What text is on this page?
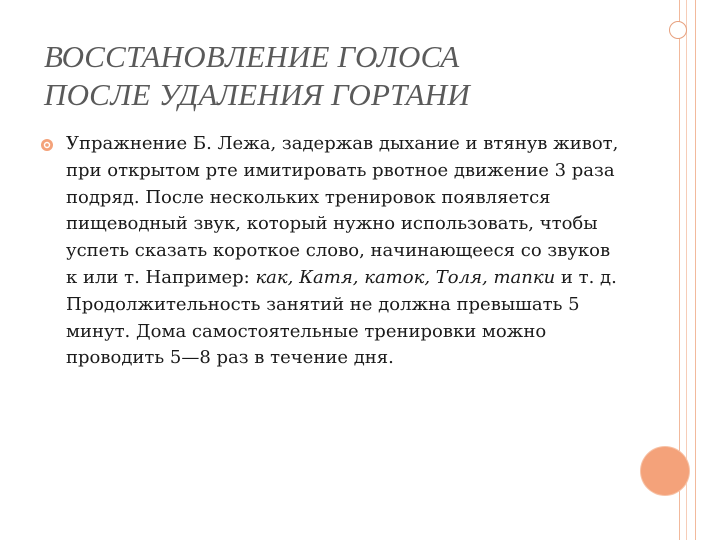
ВОССТАНОВЛЕНИЕ ГОЛОСА
ПОСЛЕ УДАЛЕНИЯ ГОРТАНИ

Упражнение Б. Лежа, задержав дыхание и втянув живот, при открытом рте имитировать рвотное движение 3 раза подряд. После нескольких тренировок появляется пищеводный звук, который нужно использовать, чтобы успеть сказать короткое слово, начинающееся со звуков к или т. Например: как, Катя, каток, Толя, тапки и т. д. Продолжительность занятий не должна превышать 5 минут. Дома самостоятельные тренировки можно проводить 5—8 раз в течение дня.
